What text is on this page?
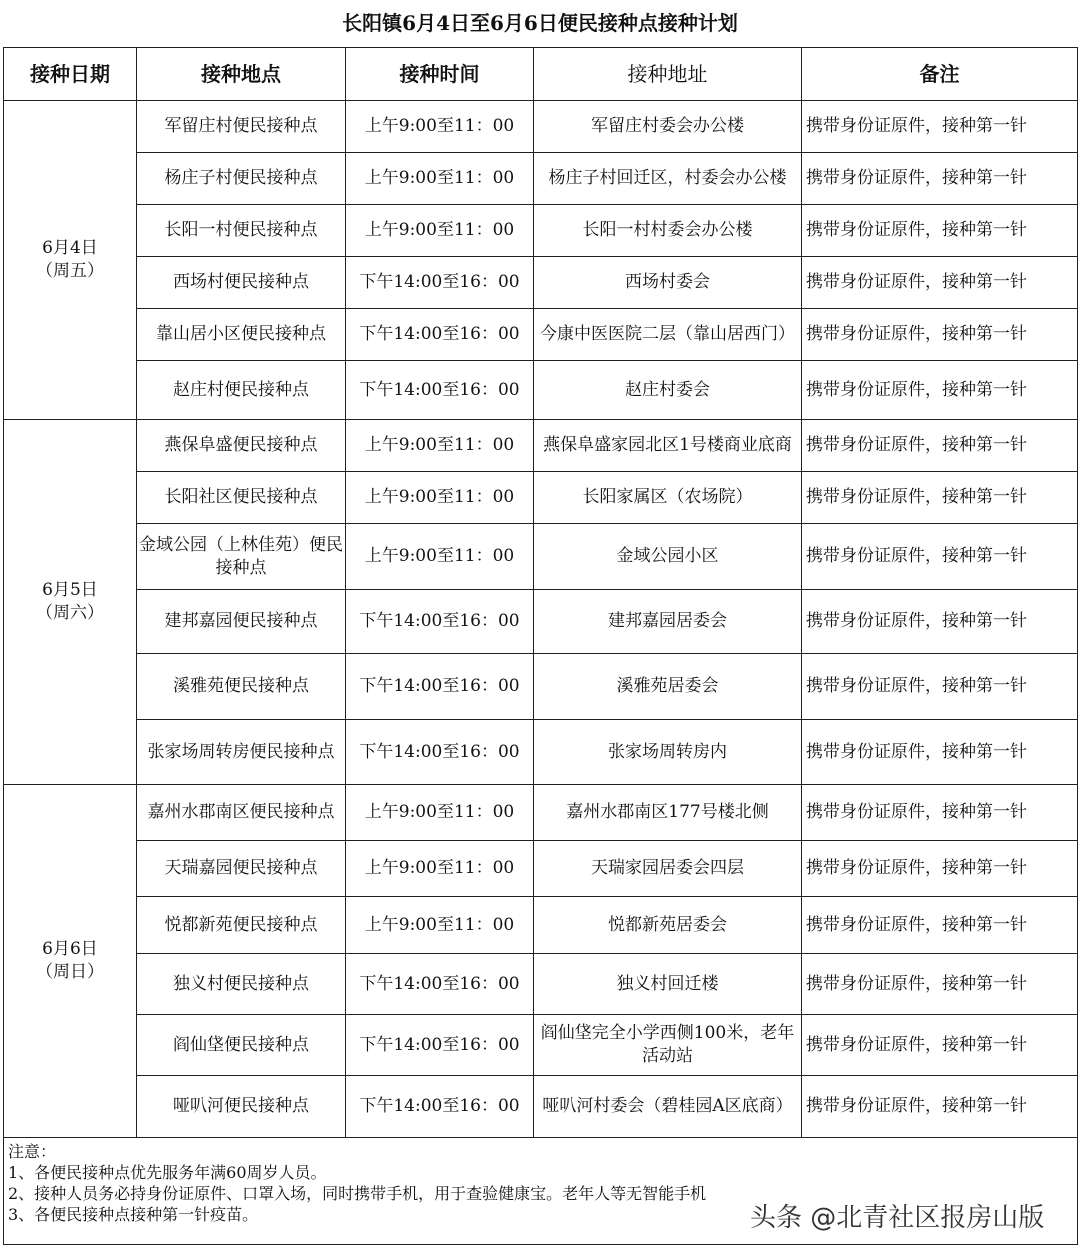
长阳镇6月4日至6月6日便民接种点接种计划
接种日期	接种地点	接种时间	接种地址	备注
6月4日（周五）	军留庄村便民接种点	上午9:00至11：00	军留庄村委会办公楼	携带身份证原件，接种第一针
	杨庄子村便民接种点	上午9:00至11：00	杨庄子村回迁区，村委会办公楼	携带身份证原件，接种第一针
	长阳一村便民接种点	上午9:00至11：00	长阳一村村委会办公楼	携带身份证原件，接种第一针
	西场村便民接种点	下午14:00至16：00	西场村委会	携带身份证原件，接种第一针
	靠山居小区便民接种点	下午14:00至16：00	今康中医医院二层（靠山居西门）	携带身份证原件，接种第一针
	赵庄村便民接种点	下午14:00至16：00	赵庄村委会	携带身份证原件，接种第一针
6月5日（周六）	燕保阜盛便民接种点	上午9:00至11：00	燕保阜盛家园北区1号楼商业底商	携带身份证原件，接种第一针
	长阳社区便民接种点	上午9:00至11：00	长阳家属区（农场院）	携带身份证原件，接种第一针
	金域公园（上林佳苑）便民接种点	上午9:00至11：00	金域公园小区	携带身份证原件，接种第一针
	建邦嘉园便民接种点	下午14:00至16：00	建邦嘉园居委会	携带身份证原件，接种第一针
	溪雅苑便民接种点	下午14:00至16：00	溪雅苑居委会	携带身份证原件，接种第一针
	张家场周转房便民接种点	下午14:00至16：00	张家场周转房内	携带身份证原件，接种第一针
6月6日（周日）	嘉州水郡南区便民接种点	上午9:00至11：00	嘉州水郡南区177号楼北侧	携带身份证原件，接种第一针
	天瑞嘉园便民接种点	上午9:00至11：00	天瑞家园居委会四层	携带身份证原件，接种第一针
	悦都新苑便民接种点	上午9:00至11：00	悦都新苑居委会	携带身份证原件，接种第一针
	独义村便民接种点	下午14:00至16：00	独义村回迁楼	携带身份证原件，接种第一针
	阎仙垡便民接种点	下午14:00至16：00	阎仙垡完全小学西侧100米，老年活动站	携带身份证原件，接种第一针
	哑叭河便民接种点	下午14:00至16：00	哑叭河村委会（碧桂园A区底商）	携带身份证原件，接种第一针

注意：
1、各便民接种点优先服务年满60周岁人员。
2、接种人员务必持身份证原件、口罩入场，同时携带手机，用于查验健康宝。老年人等无智能手机
3、各便民接种点接种第一针疫苗。					头条 @北青社区报房山版
